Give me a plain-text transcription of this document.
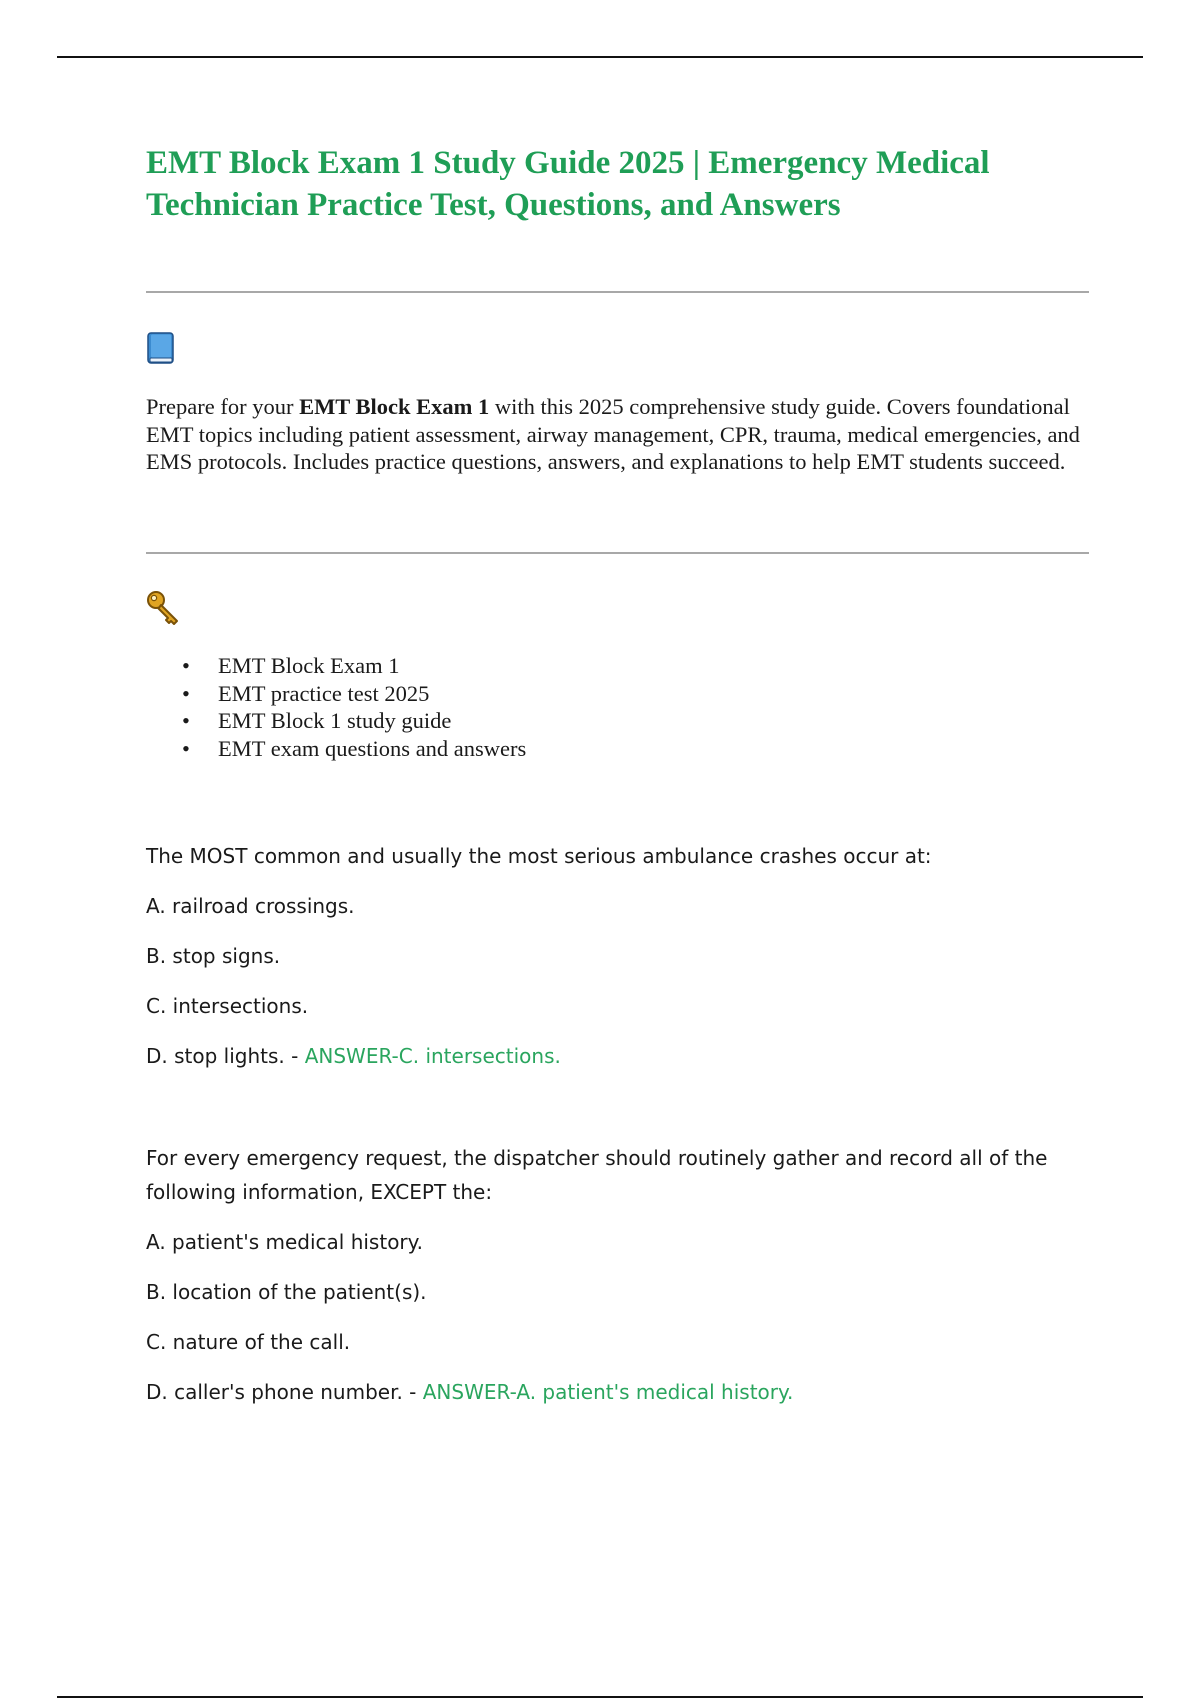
EMT Block Exam 1 Study Guide 2025 | Emergency Medical Technician Practice Test, Questions, and Answers

Prepare for your EMT Block Exam 1 with this 2025 comprehensive study guide. Covers foundational EMT topics including patient assessment, airway management, CPR, trauma, medical emergencies, and EMS protocols. Includes practice questions, answers, and explanations to help EMT students succeed.

• EMT Block Exam 1
• EMT practice test 2025
• EMT Block 1 study guide
• EMT exam questions and answers
The MOST common and usually the most serious ambulance crashes occur at:
A. railroad crossings.
B. stop signs.
C. intersections.
D. stop lights. - ANSWER-C. intersections.
For every emergency request, the dispatcher should routinely gather and record all of the following information, EXCEPT the:
A. patient's medical history.
B. location of the patient(s).
C. nature of the call.
D. caller's phone number. - ANSWER-A. patient's medical history.
